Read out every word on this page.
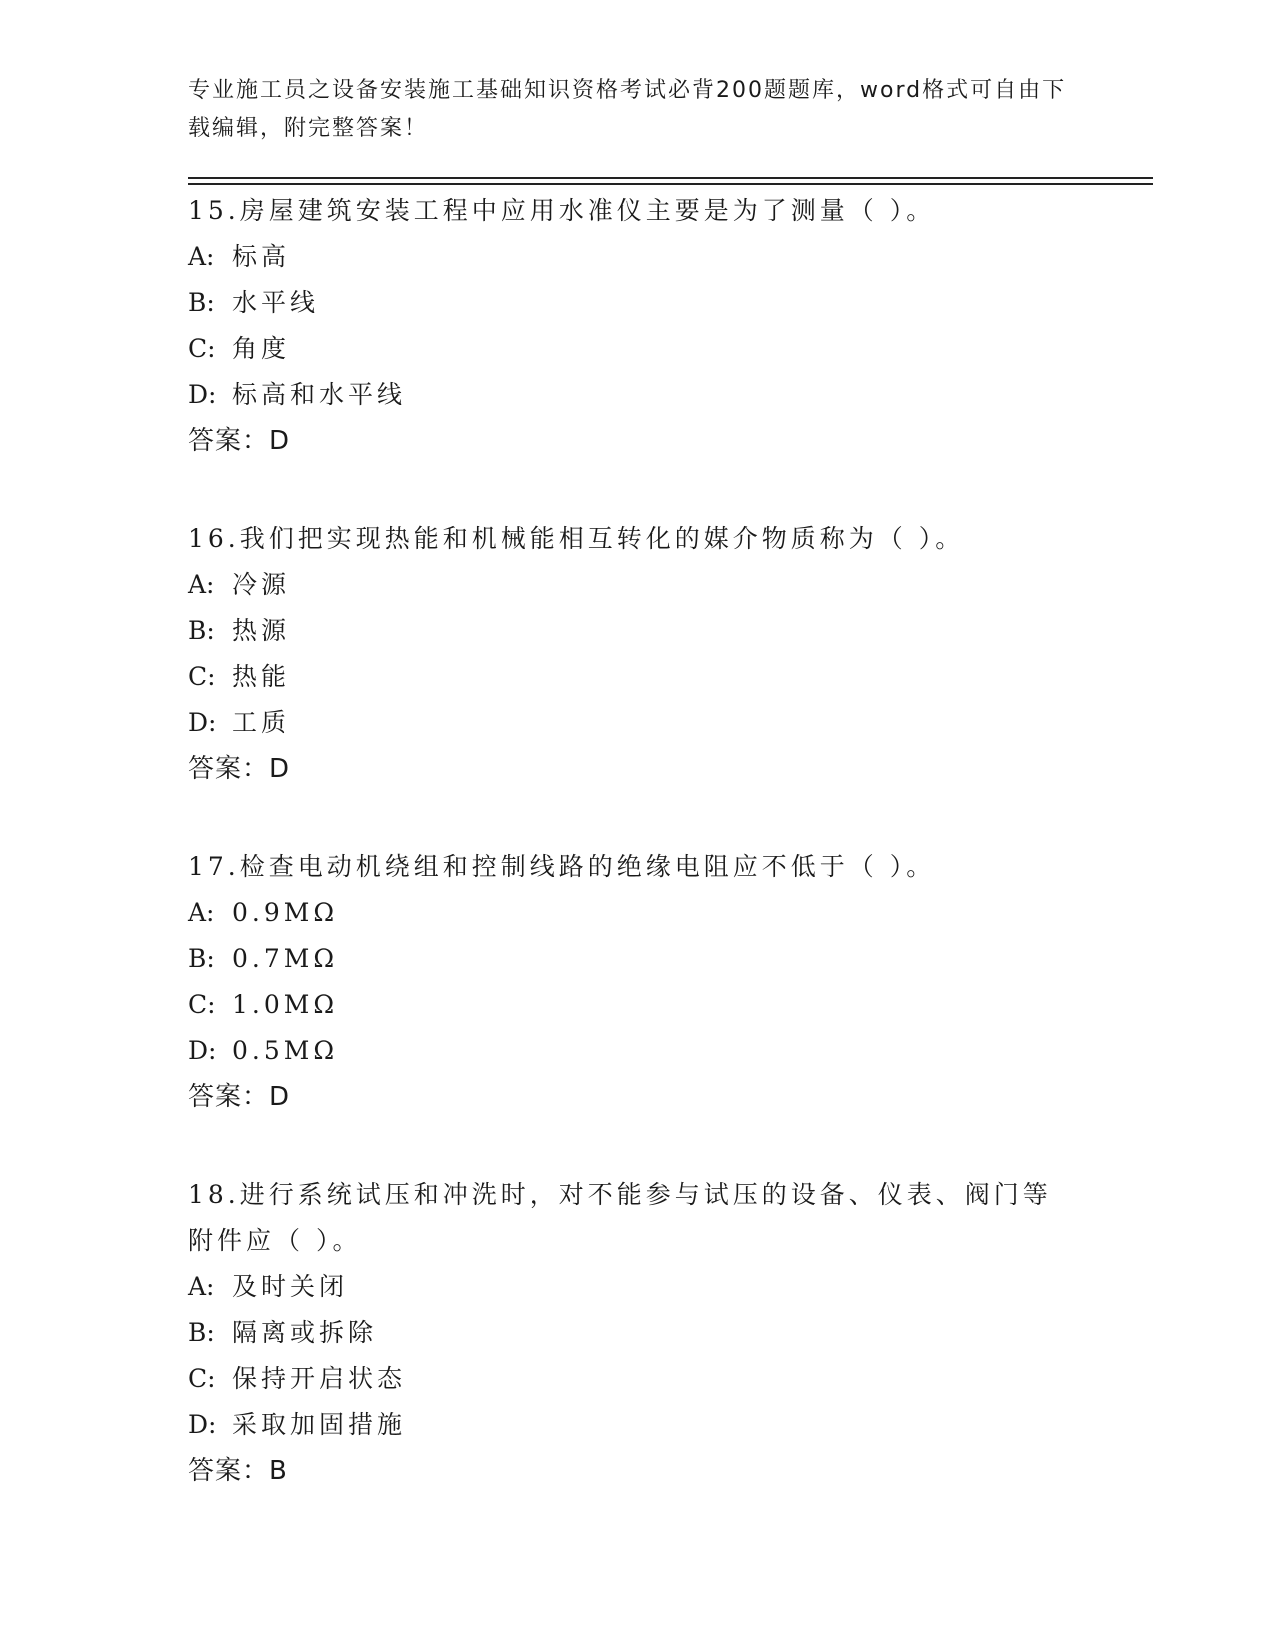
专业施工员之设备安装施工基础知识资格考试必背200题题库，word格式可自由下载编辑，附完整答案！
15.房屋建筑安装工程中应用水准仪主要是为了测量（ ）。
A: 标高
B: 水平线
C: 角度
D: 标高和水平线
答案：D
16.我们把实现热能和机械能相互转化的媒介物质称为（ ）。
A: 冷源
B: 热源
C: 热能
D: 工质
答案：D
17.检查电动机绕组和控制线路的绝缘电阻应不低于（ ）。
A: 0.9MΩ
B: 0.7MΩ
C: 1.0MΩ
D: 0.5MΩ
答案：D
18.进行系统试压和冲洗时，对不能参与试压的设备、仪表、阀门等附件应（ ）。
A: 及时关闭
B: 隔离或拆除
C: 保持开启状态
D: 采取加固措施
答案：B
